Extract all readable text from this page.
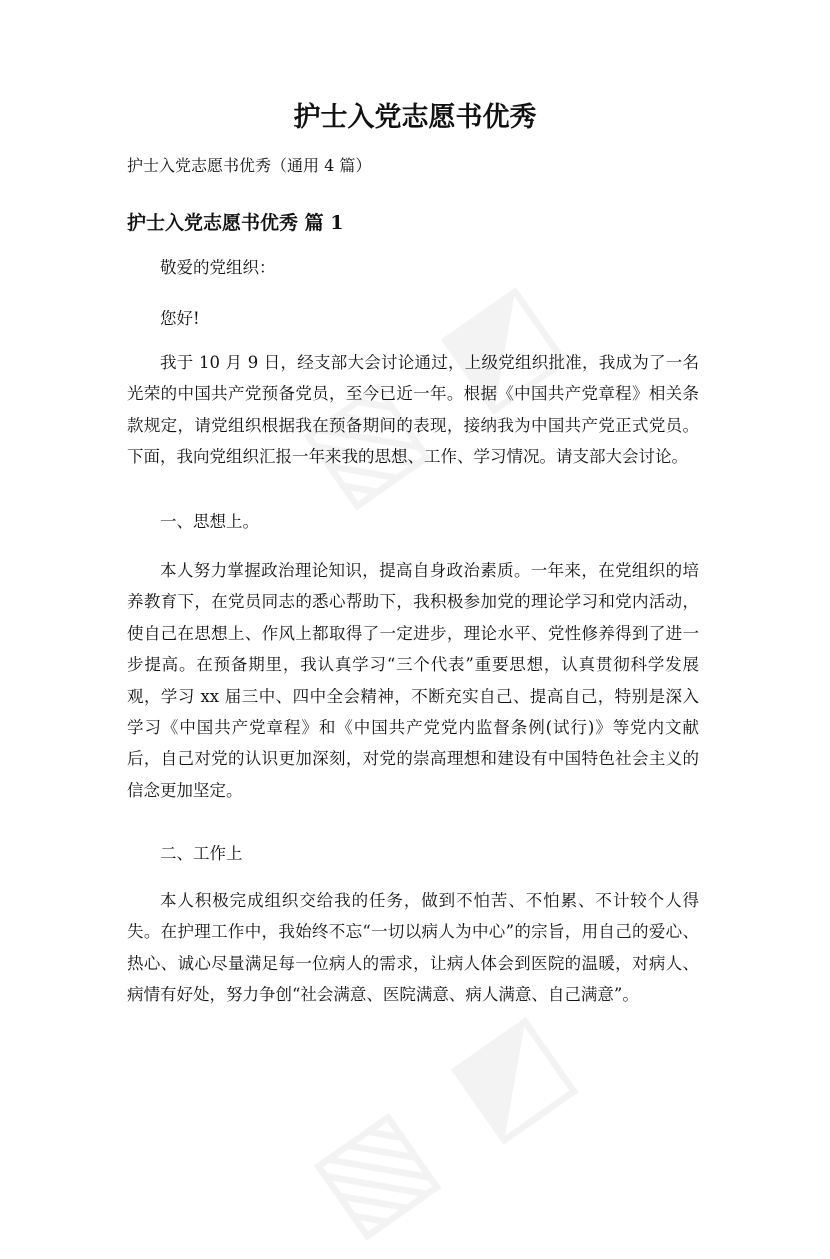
护士入党志愿书优秀

护士入党志愿书优秀（通用 4 篇）

护士入党志愿书优秀 篇 1

敬爱的党组织：

您好!

我于 10 月 9 日，经支部大会讨论通过，上级党组织批准，我成为了一名光荣的中国共产党预备党员，至今已近一年。根据《中国共产党章程》相关条款规定，请党组织根据我在预备期间的表现，接纳我为中国共产党正式党员。下面，我向党组织汇报一年来我的思想、工作、学习情况。请支部大会讨论。

一、思想上。

本人努力掌握政治理论知识，提高自身政治素质。一年来，在党组织的培养教育下，在党员同志的悉心帮助下，我积极参加党的理论学习和党内活动，使自己在思想上、作风上都取得了一定进步，理论水平、党性修养得到了进一步提高。在预备期里，我认真学习“三个代表”重要思想，认真贯彻科学发展观，学习 xx 届三中、四中全会精神，不断充实自己、提高自己，特别是深入学习《中国共产党章程》和《中国共产党党内监督条例(试行)》等党内文献后，自己对党的认识更加深刻，对党的崇高理想和建设有中国特色社会主义的信念更加坚定。

二、工作上

本人积极完成组织交给我的任务，做到不怕苦、不怕累、不计较个人得失。在护理工作中，我始终不忘“一切以病人为中心”的宗旨，用自己的爱心、热心、诚心尽量满足每一位病人的需求，让病人体会到医院的温暖，对病人、病情有好处，努力争创“社会满意、医院满意、病人满意、自己满意”。
